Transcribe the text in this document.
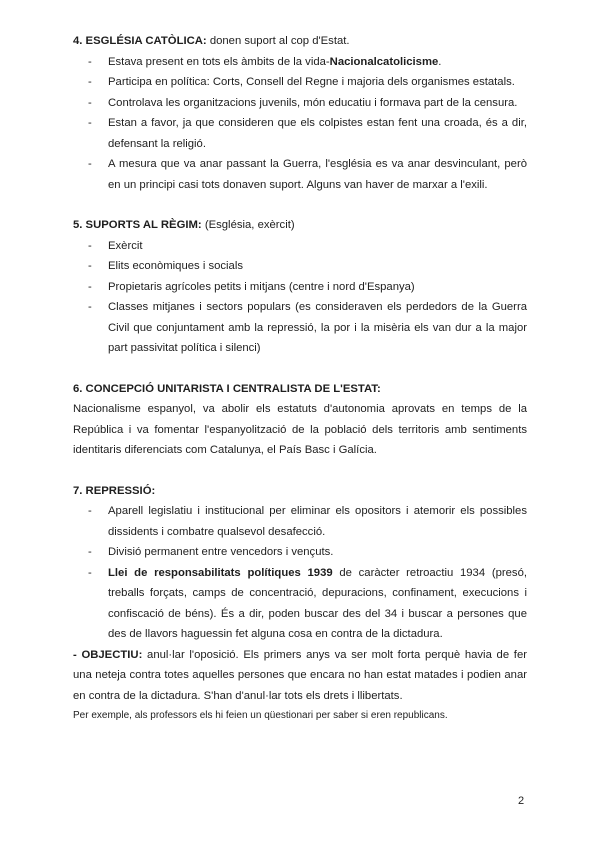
4. ESGLÉSIA CATÒLICA: donen suport al cop d'Estat.

- Estava present en tots els àmbits de la vida-Nacionalcatolicisme.
- Participa en política: Corts, Consell del Regne i majoria dels organismes estatals.
- Controlava les organitzacions juvenils, món educatiu i formava part de la censura.
- Estan a favor, ja que consideren que els colpistes estan fent una croada, és a dir, defensant la religió.
- A mesura que va anar passant la Guerra, l'església es va anar desvinculant, però en un principi casi tots donaven suport. Alguns van haver de marxar a l'exili.

5. SUPORTS AL RÈGIM: (Església, exèrcit)

- Exèrcit
- Elits econòmiques i socials
- Propietaris agrícoles petits i mitjans (centre i nord d'Espanya)
- Classes mitjanes i sectors populars (es consideraven els perdedors de la Guerra Civil que conjuntament amb la repressió, la por i la misèria els van dur a la major part passivitat política i silenci)

6. CONCEPCIÓ UNITARISTA I CENTRALISTA DE L'ESTAT:

Nacionalisme espanyol, va abolir els estatuts d'autonomia aprovats en temps de la República i va fomentar l'espanyolització de la població dels territoris amb sentiments identitaris diferenciats com Catalunya, el País Basc i Galícia.

7. REPRESSIÓ:

- Aparell legislatiu i institucional per eliminar els opositors i atemorir els possibles dissidents i combatre qualsevol desafecció.
- Divisió permanent entre vencedors i vençuts.
- Llei de responsabilitats polítiques 1939 de caràcter retroactiu 1934 (presó, treballs forçats, camps de concentració, depuracions, confinament, execucions i confiscació de béns). És a dir, poden buscar des del 34 i buscar a persones que des de llavors haguessin fet alguna cosa en contra de la dictadura.

- OBJECTIU: anul·lar l'oposició. Els primers anys va ser molt forta perquè havia de fer una neteja contra totes aquelles persones que encara no han estat matades i podien anar en contra de la dictadura. S'han d'anul·lar tots els drets i llibertats.

Per exemple, als professors els hi feien un qüestionari per saber si eren republicans.

2
